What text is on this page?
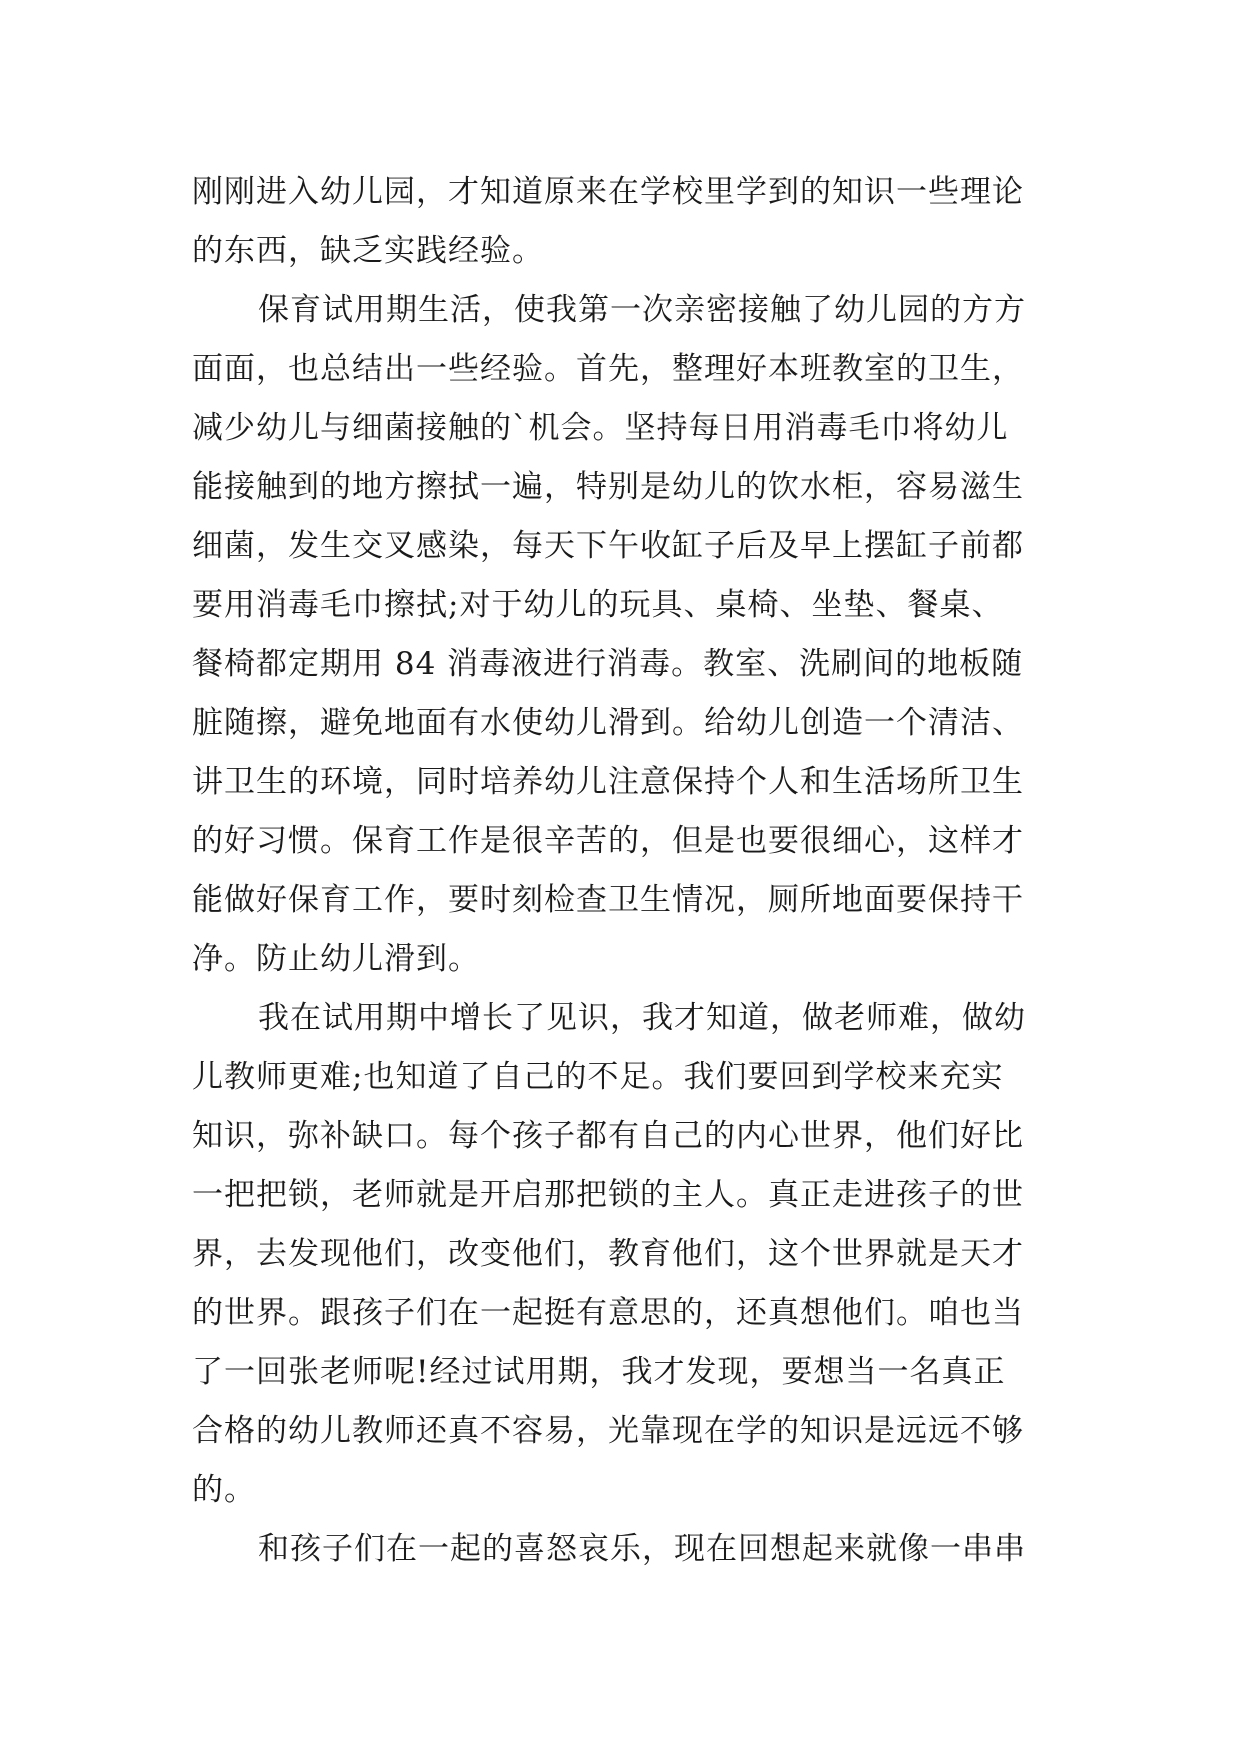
刚刚进入幼儿园，才知道原来在学校里学到的知识一些理论
的东西，缺乏实践经验。
保育试用期生活，使我第一次亲密接触了幼儿园的方方
面面，也总结出一些经验。首先，整理好本班教室的卫生，
减少幼儿与细菌接触的`机会。坚持每日用消毒毛巾将幼儿
能接触到的地方擦拭一遍，特别是幼儿的饮水柜，容易滋生
细菌，发生交叉感染，每天下午收缸子后及早上摆缸子前都
要用消毒毛巾擦拭;对于幼儿的玩具、桌椅、坐垫、餐桌、
餐椅都定期用 84 消毒液进行消毒。教室、洗刷间的地板随
脏随擦，避免地面有水使幼儿滑到。给幼儿创造一个清洁、
讲卫生的环境，同时培养幼儿注意保持个人和生活场所卫生
的好习惯。保育工作是很辛苦的，但是也要很细心，这样才
能做好保育工作，要时刻检查卫生情况，厕所地面要保持干
净。防止幼儿滑到。
我在试用期中增长了见识，我才知道，做老师难，做幼
儿教师更难;也知道了自己的不足。我们要回到学校来充实
知识，弥补缺口。每个孩子都有自己的内心世界，他们好比
一把把锁，老师就是开启那把锁的主人。真正走进孩子的世
界，去发现他们，改变他们，教育他们，这个世界就是天才
的世界。跟孩子们在一起挺有意思的，还真想他们。咱也当
了一回张老师呢!经过试用期，我才发现，要想当一名真正
合格的幼儿教师还真不容易，光靠现在学的知识是远远不够
的。
和孩子们在一起的喜怒哀乐，现在回想起来就像一串串
